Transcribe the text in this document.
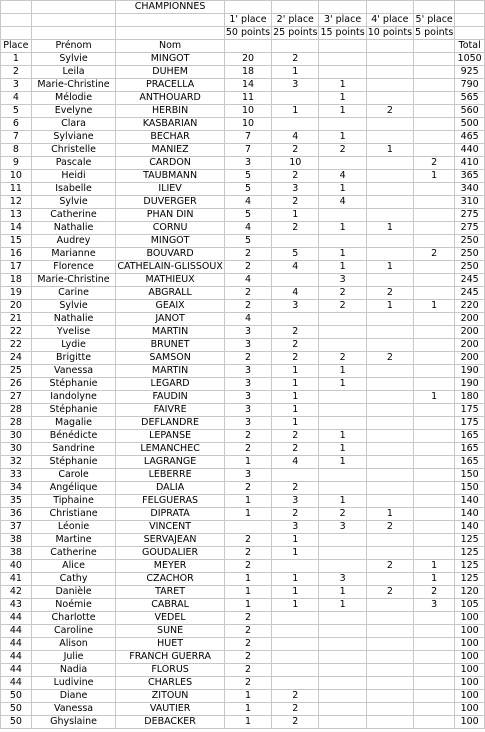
		CHAMPIONNES						
			1' place	2' place	3' place	4' place	5' place	
			50 points	25 points	15 points	10 points	5 points	
Place	Prénom	Nom						Total
1	Sylvie	MINGOT	20	2				1050
2	Leila	DUHEM	18	1				925
3	Marie-Christine	PRACELLA	14	3	1			790
4	Mélodie	ANTHOUARD	11		1			565
5	Evelyne	HERBIN	10	1	1	2		560
6	Clara	KASBARIAN	10					500
7	Sylviane	BECHAR	7	4	1			465
8	Christelle	MANIEZ	7	2	2	1		440
9	Pascale	CARDON	3	10			2	410
10	Heidi	TAUBMANN	5	2	4		1	365
11	Isabelle	ILIEV	5	3	1			340
12	Sylvie	DUVERGER	4	2	4			310
13	Catherine	PHAN DIN	5	1				275
14	Nathalie	CORNU	4	2	1	1		275
15	Audrey	MINGOT	5					250
16	Marianne	BOUVARD	2	5	1		2	250
17	Florence	CATHELAIN-GLISSOUX	2	4	1	1		250
18	Marie-Christine	MATHIEUX	4		3			245
19	Carine	ABGRALL	2	4	2	2		245
20	Sylvie	GEAIX	2	3	2	1	1	220
21	Nathalie	JANOT	4					200
22	Yvelise	MARTIN	3	2				200
22	Lydie	BRUNET	3	2				200
24	Brigitte	SAMSON	2	2	2	2		200
25	Vanessa	MARTIN	3	1	1			190
26	Stéphanie	LEGARD	3	1	1			190
27	Iandolyne	FAUDIN	3	1			1	180
28	Stéphanie	FAIVRE	3	1				175
28	Magalie	DEFLANDRE	3	1				175
30	Bénédicte	LEPANSE	2	2	1			165
30	Sandrine	LEMANCHEC	2	2	1			165
32	Stéphanie	LAGRANGE	1	4	1			165
33	Carole	LEBERRE	3					150
34	Angélique	DALIA	2	2				150
35	Tiphaine	FELGUERAS	1	3	1			140
36	Christiane	DIPRATA	1	2	2	1		140
37	Léonie	VINCENT		3	3	2		140
38	Martine	SERVAJEAN	2	1				125
38	Catherine	GOUDALIER	2	1				125
40	Alice	MEYER	2			2	1	125
41	Cathy	CZACHOR	1	1	3		1	125
42	Danièle	TARET	1	1	1	2	2	120
43	Noémie	CABRAL	1	1	1		3	105
44	Charlotte	VEDEL	2					100
44	Caroline	SUNE	2					100
44	Alison	HUET	2					100
44	Julie	FRANCH GUERRA	2					100
44	Nadia	FLORUS	2					100
44	Ludivine	CHARLES	2					100
50	Diane	ZITOUN	1	2				100
50	Vanessa	VAUTIER	1	2				100
50	Ghyslaine	DEBACKER	1	2				100
